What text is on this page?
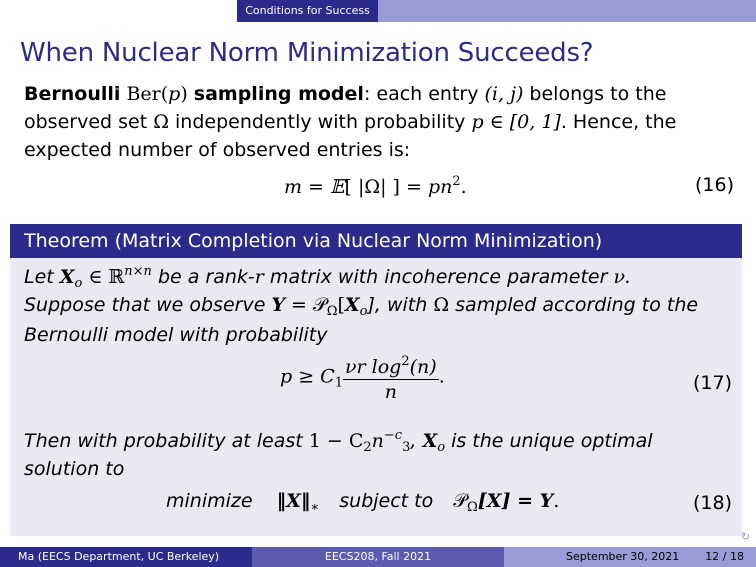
Conditions for Success
When Nuclear Norm Minimization Succeeds?
Bernoulli Ber(p) sampling model: each entry (i, j) belongs to the
observed set Ω independently with probability p ∈ [0, 1]. Hence, the
expected number of observed entries is:
m = 𝔼[ |Ω| ] = $pn^2$.	(16)
Theorem (Matrix Completion via Nuclear Norm Minimization)
Let $X_o$ ∈ ℝ$^{n\times n}$ be a rank-r matrix with incoherence parameter ν.
Suppose that we observe $Y = 𝒫_\Omega[X_o]$, with Ω sampled according to the
Bernoulli model with probability
$p \ge C_1 \frac{\nu r \log^2(n)}{n}$ .	(17)
Then with probability at least $1 - C_2n^{-c}_3$, $X_o$ is the unique optimal
solution to
minimize $‖X‖_∗$ subject to 𝒫$_\Omega$[X] = Y.	(18)
↻
Ma (EECS Department, UC Berkeley)	EECS208, Fall 2021	September 30, 2021 12 / 18
